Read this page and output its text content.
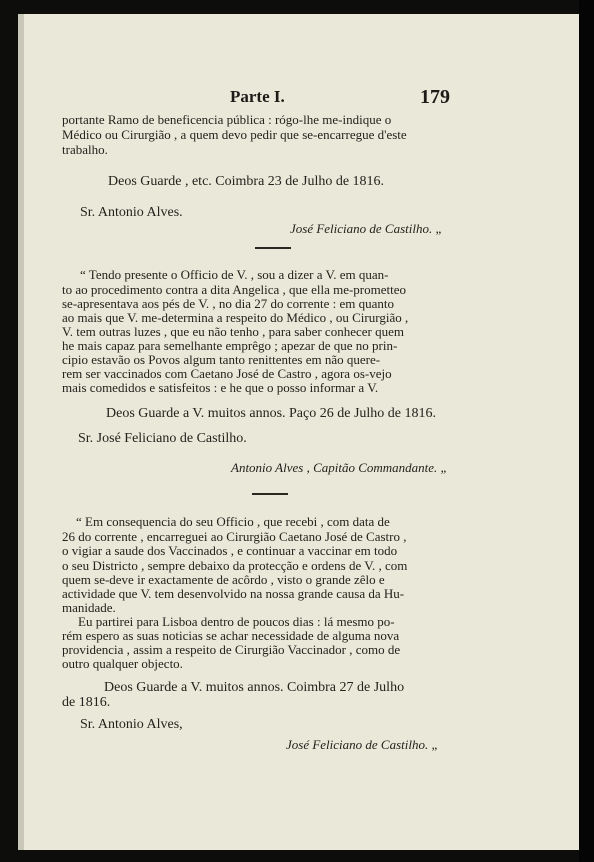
Parte I.	179
portante Ramo de beneficencia pública : rógo-lhe me-indique o
Médico ou Cirurgião , a quem devo pedir que se-encarregue d'este
trabalho.
Deos Guarde , etc. Coimbra 23 de Julho de 1816.
Sr. Antonio Alves.
José Feliciano de Castilho. „
“ Tendo presente o Officio de V. , sou a dizer a V. em quan-
to ao procedimento contra a dita Angelica , que ella me-prometteo
se-apresentava aos pés de V. , no dia 27 do corrente : em quanto
ao mais que V. me-determina a respeito do Médico , ou Cirurgião ,
V. tem outras luzes , que eu não tenho , para saber conhecer quem
he mais capaz para semelhante emprêgo ; apezar de que no prin-
cipio estavão os Povos algum tanto renittentes em não quere-
rem ser vaccinados com Caetano José de Castro , agora os-vejo
mais comedidos e satisfeitos : e he que o posso informar a V.
Deos Guarde a V. muitos annos. Paço 26 de Julho de 1816.
Sr. José Feliciano de Castilho.
Antonio Alves , Capitão Commandante. „
“ Em consequencia do seu Officio , que recebi , com data de
26 do corrente , encarreguei ao Cirurgião Caetano José de Castro ,
o vigiar a saude dos Vaccinados , e continuar a vaccinar em todo
o seu Districto , sempre debaixo da protecção e ordens de V. , com
quem se-deve ir exactamente de acôrdo , visto o grande zêlo e
actividade que V. tem desenvolvido na nossa grande causa da Hu-
manidade.
Eu partirei para Lisboa dentro de poucos dias : lá mesmo po-
rém espero as suas noticias se achar necessidade de alguma nova
providencia , assim a respeito de Cirurgião Vaccinador , como de
outro qualquer objecto.
Deos Guarde a V. muitos annos. Coimbra 27 de Julho
de 1816.
Sr. Antonio Alves,
José Feliciano de Castilho. „
